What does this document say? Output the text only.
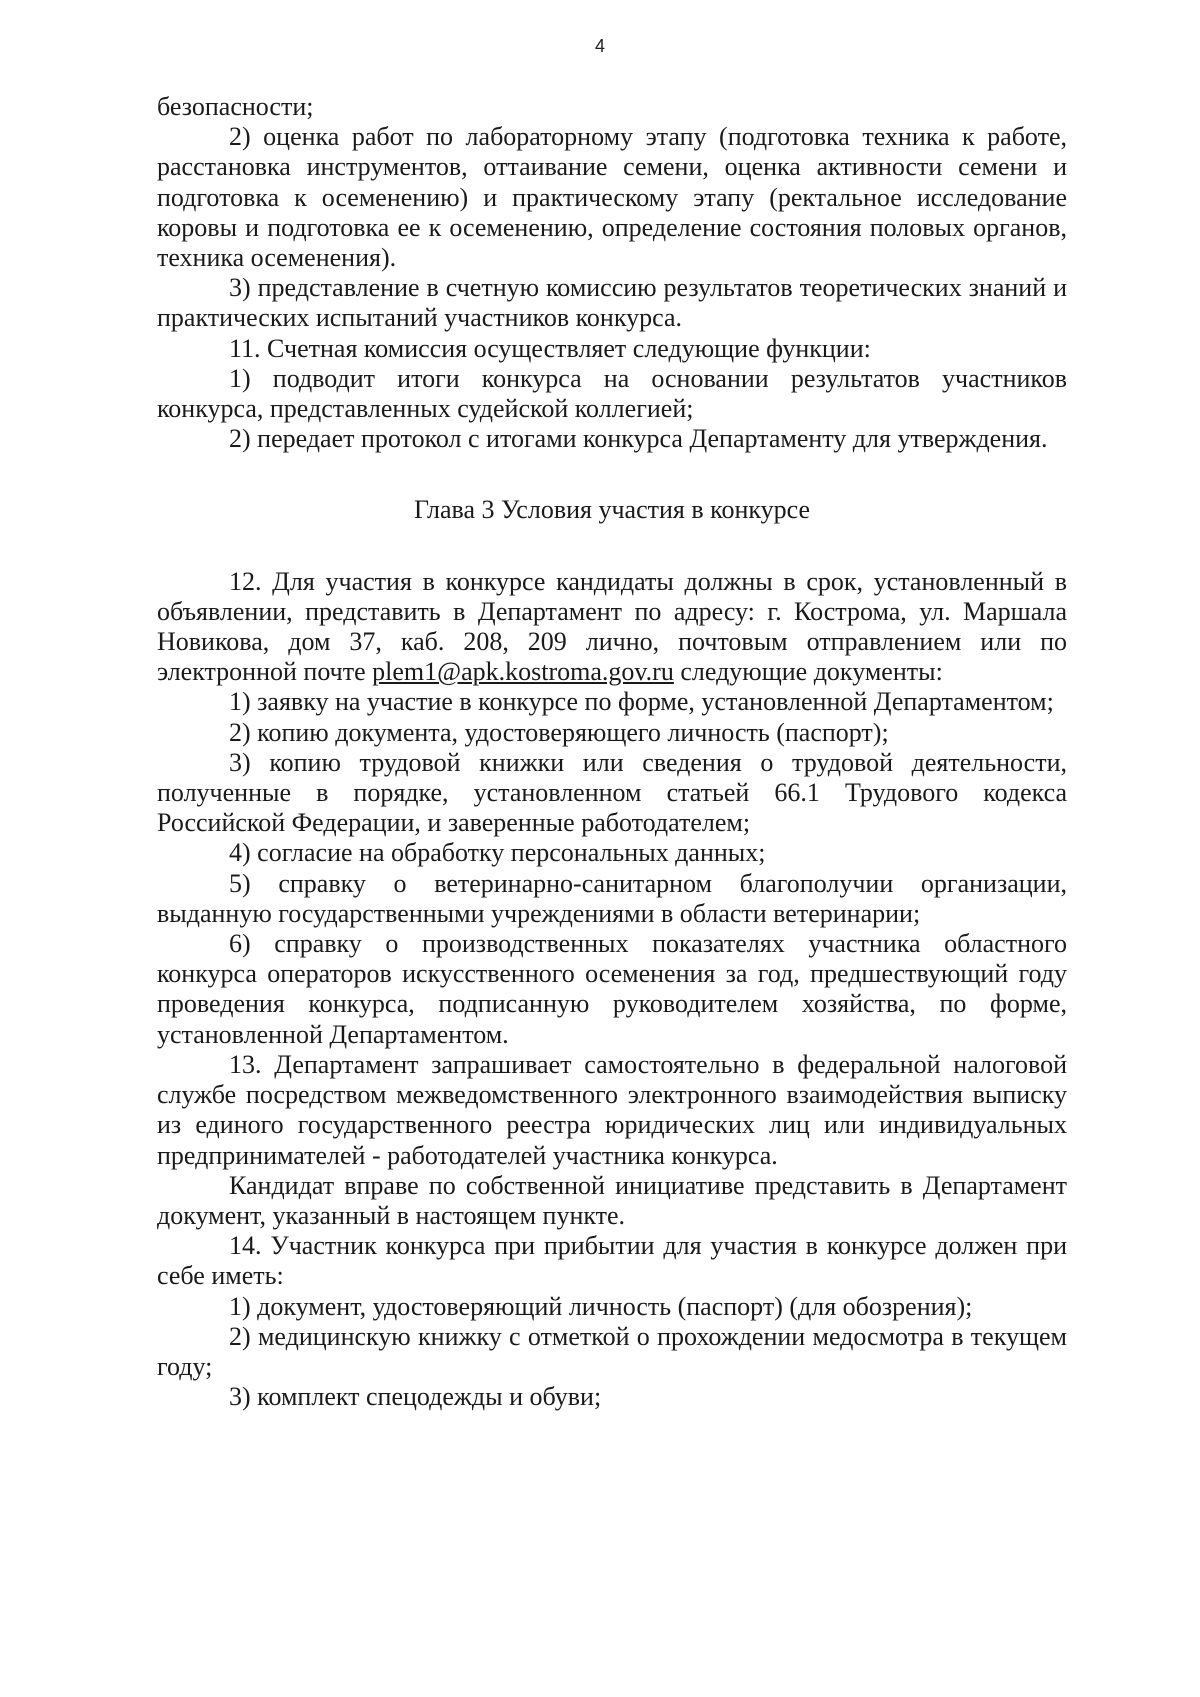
4

безопасности;

2) оценка работ по лабораторному этапу (подготовка техника к работе, расстановка инструментов, оттаивание семени, оценка активности семени и подготовка к осеменению) и практическому этапу (ректальное исследование коровы и подготовка ее к осеменению, определение состояния половых органов, техника осеменения).

3) представление в счетную комиссию результатов теоретических знаний и практических испытаний участников конкурса.

11. Счетная комиссия осуществляет следующие функции:

1) подводит итоги конкурса на основании результатов участников конкурса, представленных судейской коллегией;

2) передает протокол с итогами конкурса Департаменту для утверждения.

Глава 3 Условия участия в конкурсе

12. Для участия в конкурсе кандидаты должны в срок, установленный в объявлении, представить в Департамент по адресу: г. Кострома, ул. Маршала Новикова, дом 37, каб. 208, 209 лично, почтовым отправлением или по электронной почте plem1@apk.kostroma.gov.ru следующие документы:

1) заявку на участие в конкурсе по форме, установленной Департаментом;

2) копию документа, удостоверяющего личность (паспорт);

3) копию трудовой книжки или сведения о трудовой деятельности, полученные в порядке, установленном статьей 66.1 Трудового кодекса Российской Федерации, и заверенные работодателем;

4) согласие на обработку персональных данных;

5) справку о ветеринарно-санитарном благополучии организации, выданную государственными учреждениями в области ветеринарии;

6) справку о производственных показателях участника областного конкурса операторов искусственного осеменения за год, предшествующий году проведения конкурса, подписанную руководителем хозяйства, по форме, установленной Департаментом.

13. Департамент запрашивает самостоятельно в федеральной налоговой службе посредством межведомственного электронного взаимодействия выписку из единого государственного реестра юридических лиц или индивидуальных предпринимателей - работодателей участника конкурса.

Кандидат вправе по собственной инициативе представить в Департамент документ, указанный в настоящем пункте.

14. Участник конкурса при прибытии для участия в конкурсе должен при себе иметь:

1) документ, удостоверяющий личность (паспорт) (для обозрения);

2) медицинскую книжку с отметкой о прохождении медосмотра в текущем году;

3) комплект спецодежды и обуви;
